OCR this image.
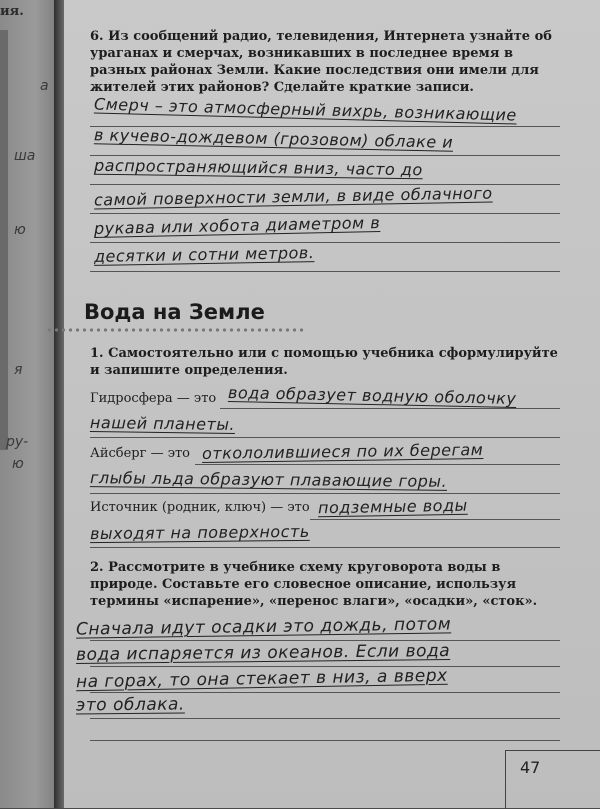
ия.
а
ша
ю
я
ру-
ю
6. Из сообщений радио, телевидения, Интернета узнайте об ураганах и смерчах, возникавших в последнее время в разных районах Земли. Какие последствия они имели для жителей этих районов? Сделайте краткие записи.
Смерч – это атмосферный вихрь, возникающие
в кучево-дождевом (грозовом) облаке и
распространяющийся вниз, часто до
самой поверхности земли, в виде облачного
рукава или хобота диаметром в
десятки и сотни метров.
Вода на Земле
1. Самостоятельно или с помощью учебника сформулируйте и запишите определения.
Гидросфера — это вода образует водную оболочку
нашей планеты.
Айсберг — это откололившиеся по их берегам
глыбы льда образуют плавающие горы.
Источник (родник, ключ) — это подземные воды
выходят на поверхность
2. Рассмотрите в учебнике схему круговорота воды в природе. Составьте его словесное описание, используя термины «испарение», «перенос влаги», «осадки», «сток».
Сначала идут осадки это дождь, потом
вода испаряется из океанов. Если вода
на горах, то она стекает в низ, а вверх
это облака.
47
